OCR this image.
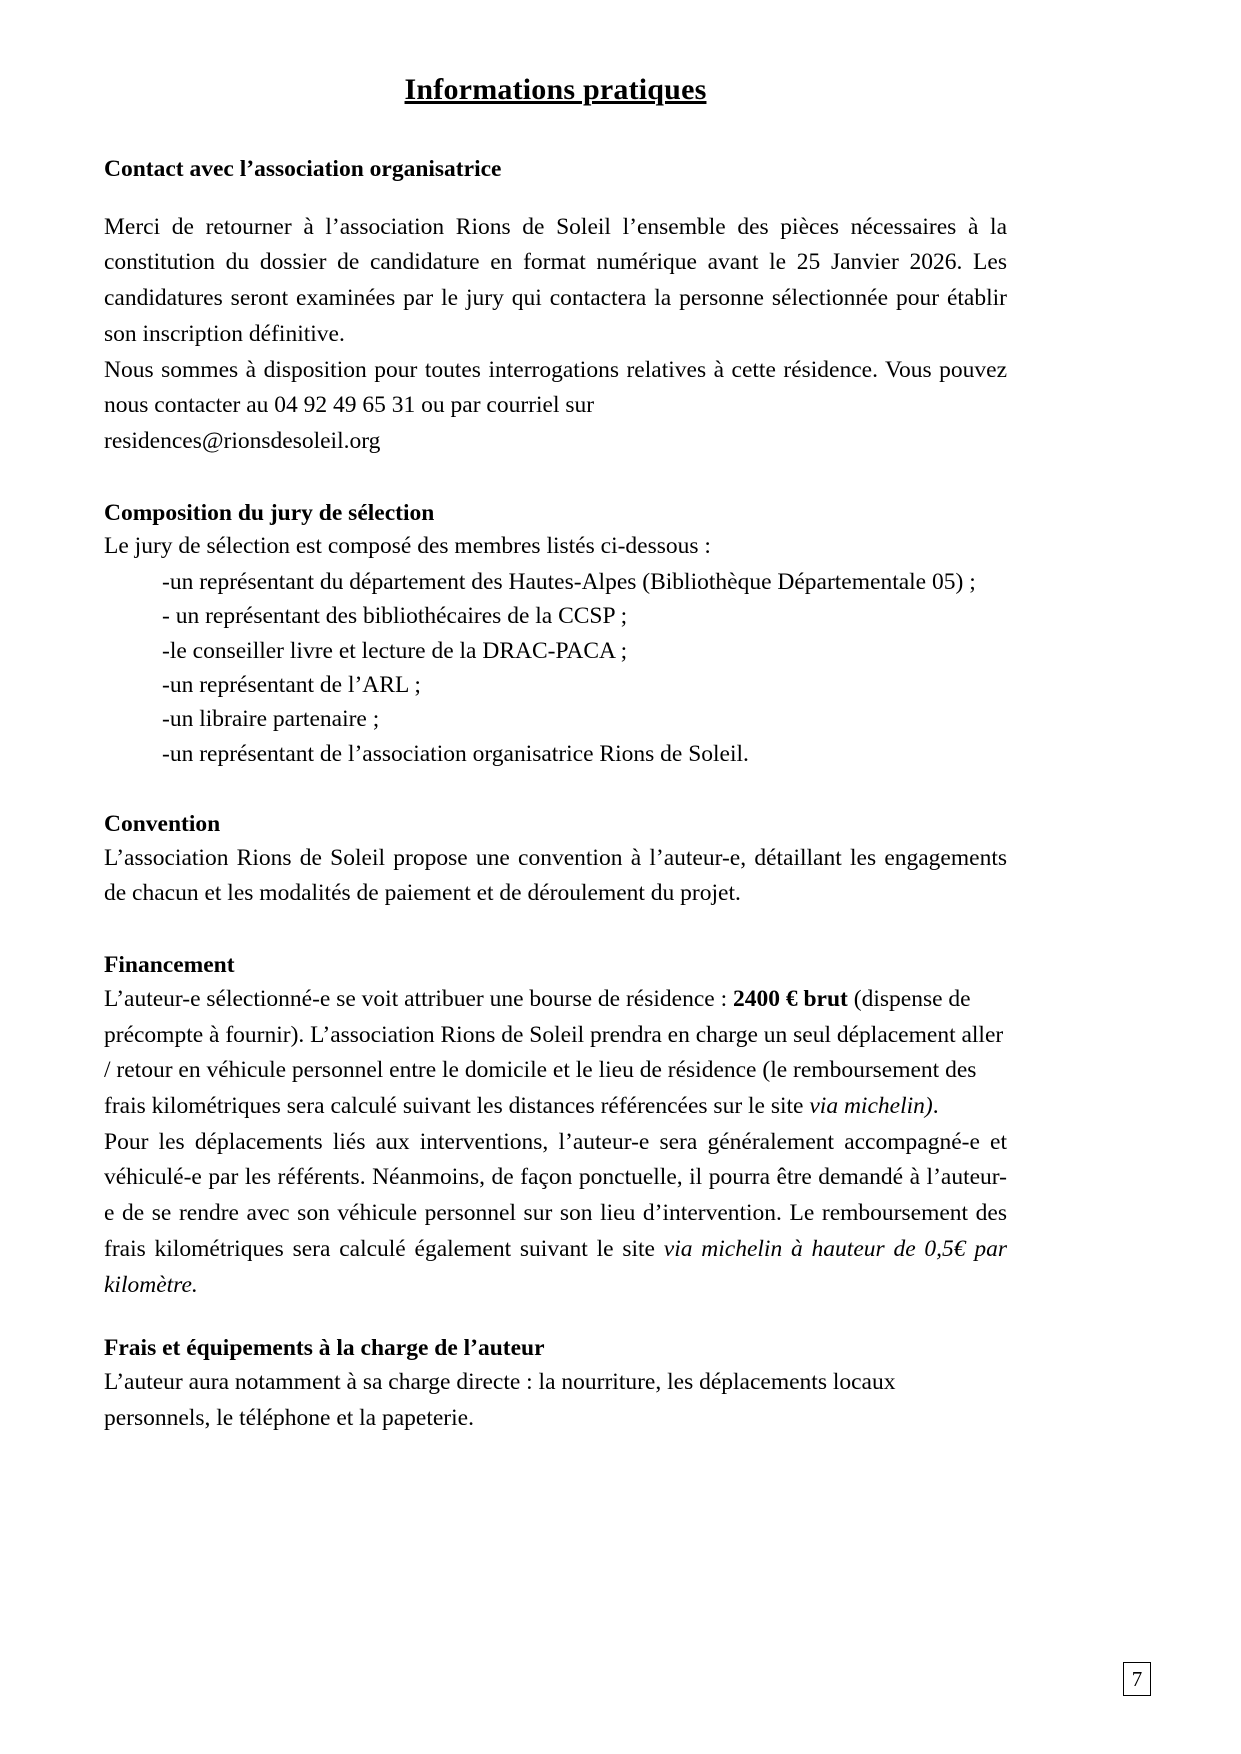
Informations pratiques
Contact avec l’association organisatrice

Merci de retourner à l’association Rions de Soleil l’ensemble des pièces nécessaires à la constitution du dossier de candidature en format numérique avant le 25 Janvier 2026. Les candidatures seront examinées par le jury qui contactera la personne sélectionnée pour établir son inscription définitive.

Nous sommes à disposition pour toutes interrogations relatives à cette résidence. Vous pouvez nous contacter au 04 92 49 65 31 ou par courriel sur

residences@rionsdesoleil.org

Composition du jury de sélection

Le jury de sélection est composé des membres listés ci-dessous :

-un représentant du département des Hautes-Alpes (Bibliothèque Départementale 05) ;
- un représentant des bibliothécaires de la CCSP ;
-le conseiller livre et lecture de la DRAC-PACA ;
-un représentant de l’ARL ;
-un libraire partenaire ;
-un représentant de l’association organisatrice Rions de Soleil.
Convention

L’association Rions de Soleil propose une convention à l’auteur-e, détaillant les engagements de chacun et les modalités de paiement et de déroulement du projet.

Financement

L’auteur-e sélectionné-e se voit attribuer une bourse de résidence : 2400 € brut (dispense de précompte à fournir). L’association Rions de Soleil prendra en charge un seul déplacement aller / retour en véhicule personnel entre le domicile et le lieu de résidence (le remboursement des frais kilométriques sera calculé suivant les distances référencées sur le site via michelin).

Pour les déplacements liés aux interventions, l’auteur-e sera généralement accompagné-e et véhiculé-e par les référents. Néanmoins, de façon ponctuelle, il pourra être demandé à l’auteur-e de se rendre avec son véhicule personnel sur son lieu d’intervention. Le remboursement des frais kilométriques sera calculé également suivant le site via michelin à hauteur de 0,5€ par kilomètre.

Frais et équipements à la charge de l’auteur

L’auteur aura notamment à sa charge directe : la nourriture, les déplacements locaux personnels, le téléphone et la papeterie.

7
